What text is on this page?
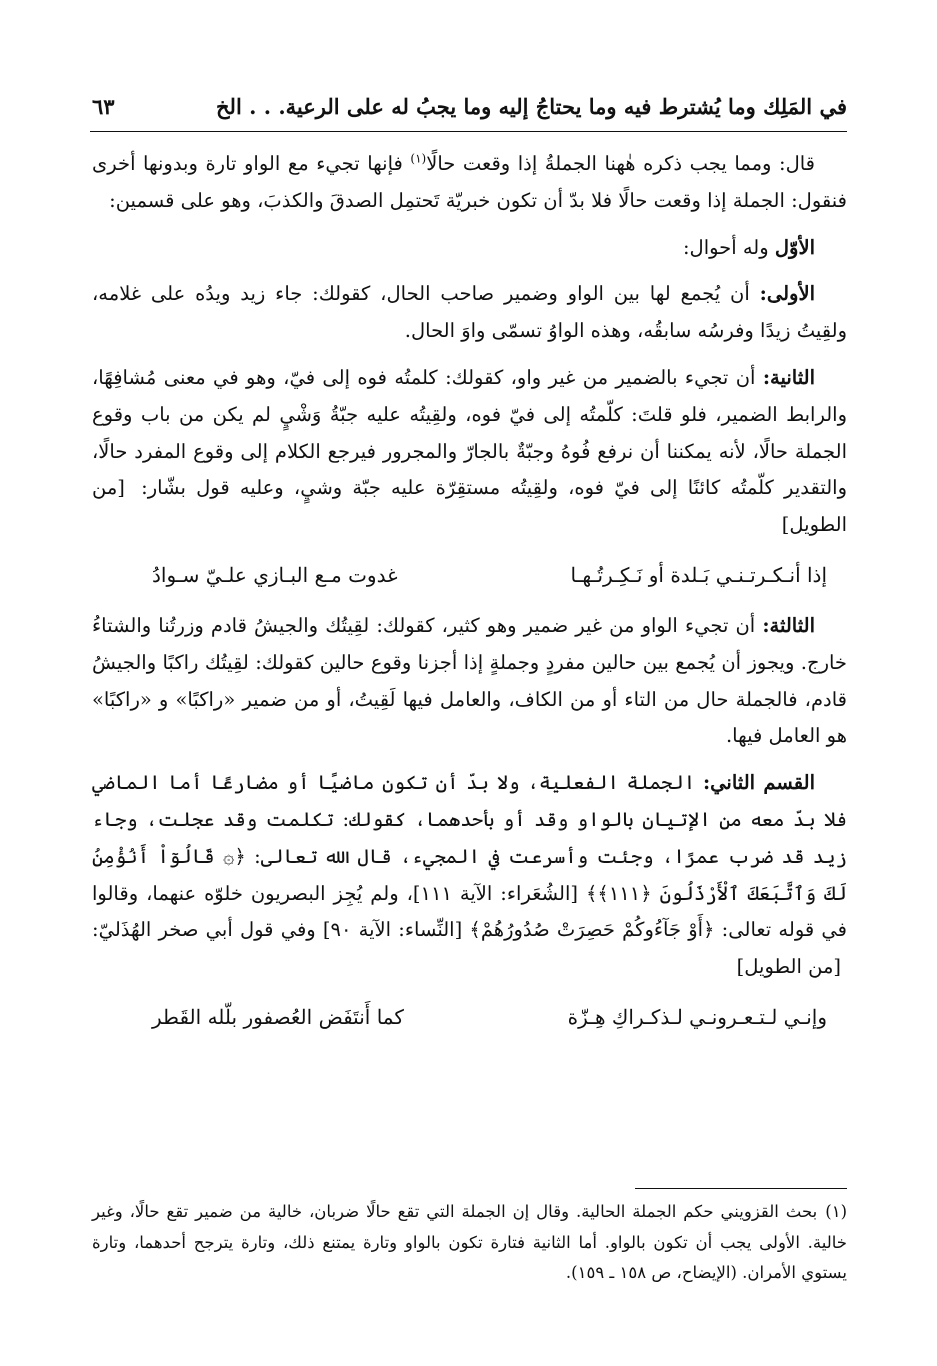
في المَلِك وما يُشترط فيه وما يحتاجُ إليه وما يجبُ له على الرعية. . . الخ
٦٣

قال: ومما يجب ذكره هٰهنا الجملةُ إذا وقعت حالًا$^{(١)}$ فإنها تجيء مع الواو تارة وبدونها أخرى فنقول: الجملة إذا وقعت حالًا فلا بدّ أن تكون خبريّة تَحتمِل الصدقَ والكذبَ، وهو على قسمين:

الأوّل وله أحوال:

الأولى: أن يُجمع لها بين الواو وضمير صاحب الحال، كقولك: جاء زيد ويدُه على غلامه، ولقِيتُ زيدًا وفرسُه سابقُه، وهذه الواوُ تسمّى واوَ الحال.

الثانية: أن تجيء بالضمير من غير واو، كقولك: كلمتُه فوه إلى فيّ، وهو في معنى مُشافِهًا، والرابط الضمير، فلو قلتَ: كلّمتُه إلى فيّ فوه، ولقِيتُه عليه جبّةُ وَشْيٍ لم يكن من باب وقوع الجملة حالًا، لأنه يمكننا أن نرفع فُوهُ وجبّةٌ بالجارّ والمجرور فيرجع الكلام إلى وقوع المفرد حالًا، والتقدير كلّمتُه كائنًا إلى فيّ فوه، ولقِيتُه مستقِرّة عليه جبّة وشيٍ، وعليه قول بشّار: [من الطويل]

إذا أنـكـرتـنـي بَـلدة أو نَـكِـرتُـهـا
غدوت مـع البـازي علـيّ سـوادُ

الثالثة: أن تجيء الواو من غير ضمير وهو كثير، كقولك: لقِيتُك والجيشُ قادم وزرتُنا والشتاءُ خارج. ويجوز أن يُجمع بين حالين مفردٍ وجملةٍ إذا أجزنا وقوع حالين كقولك: لقِيتُك راكبًا والجيشُ قادم، فالجملة حال من التاء أو من الكاف، والعامل فيها لَقِيتُ، أو من ضمير «راكبًا» و «راكبًا» هو العامل فيها.

القسم الثاني: الجملة الفعلية، ولا بدّ أن تكون ماضيًا أو مضارعًا أما الماضي فلا بدّ معه من الإتيان بالواو وقد أو بأحدهما، كقولك: تكلمت وقد عجلت، وجاء زيد قد ضرب عمرًا، وجئت وأسرعت في المجيء، قال الله تعالى: ﴿۞ قَالُوٓاْ أَنُؤْمِنُ لَكَ وَٱتَّبَعَكَ ٱلْأَرْذَلُونَ ﴿١١١﴾﴾ [الشُعَراء: الآية ١١١]، ولم يُجِز البصريون خلوّه عنهما، وقالوا في قوله تعالى: ﴿أَوْ جَآءُوكُمْ حَصِرَتْ صُدُورُهُمْ﴾ [النِّساء: الآية ٩٠] وفي قول أبي صخر الهُذَليّ: [من الطويل]

وإنـي لـتـعـرونـي لـذكـراكِ هِـزّة
كما أَنتَفَض العُصفور بلّله القَطر
(١)بحث القزويني حكم الجملة الحالية. وقال إن الجملة التي تقع حالًا ضربان، خالية من ضمير تقع حالًا، وغير خالية. الأولى يجب أن تكون بالواو. أما الثانية فتارة تكون بالواو وتارة يمتنع ذلك، وتارة يترجح أحدهما، وتارة يستوي الأمران. (الإيضاح، ص ١٥٨ ـ ١٥٩).
